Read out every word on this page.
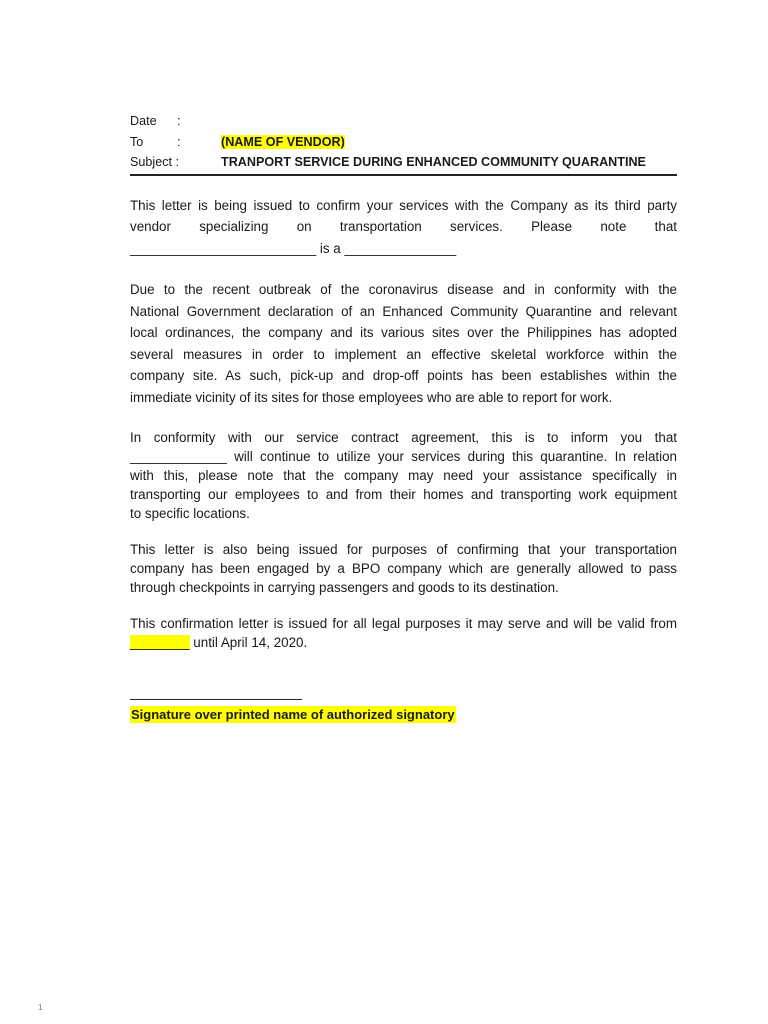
Date	:
To	:	(NAME OF VENDOR)
Subject :	TRANPORT SERVICE DURING ENHANCED COMMUNITY QUARANTINE
This letter is being issued to confirm your services with the Company as its third party
vendor specializing on transportation services. Please note that
_________________________ is a _______________
Due to the recent outbreak of the coronavirus disease and in conformity with the
National Government declaration of an Enhanced Community Quarantine and relevant
local ordinances, the company and its various sites over the Philippines has adopted
several measures in order to implement an effective skeletal workforce within the
company site. As such, pick-up and drop-off points has been establishes within the
immediate vicinity of its sites for those employees who are able to report for work.
In conformity with our service contract agreement, this is to inform you that
_____________ will continue to utilize your services during this quarantine. In relation
with this, please note that the company may need your assistance specifically in
transporting our employees to and from their homes and transporting work equipment
to specific locations.
This letter is also being issued for purposes of confirming that your transportation
company has been engaged by a BPO company which are generally allowed to pass
through checkpoints in carrying passengers and goods to its destination.
This confirmation letter is issued for all legal purposes it may serve and will be valid from
________ until April 14, 2020.
Signature over printed name of authorized signatory
1
